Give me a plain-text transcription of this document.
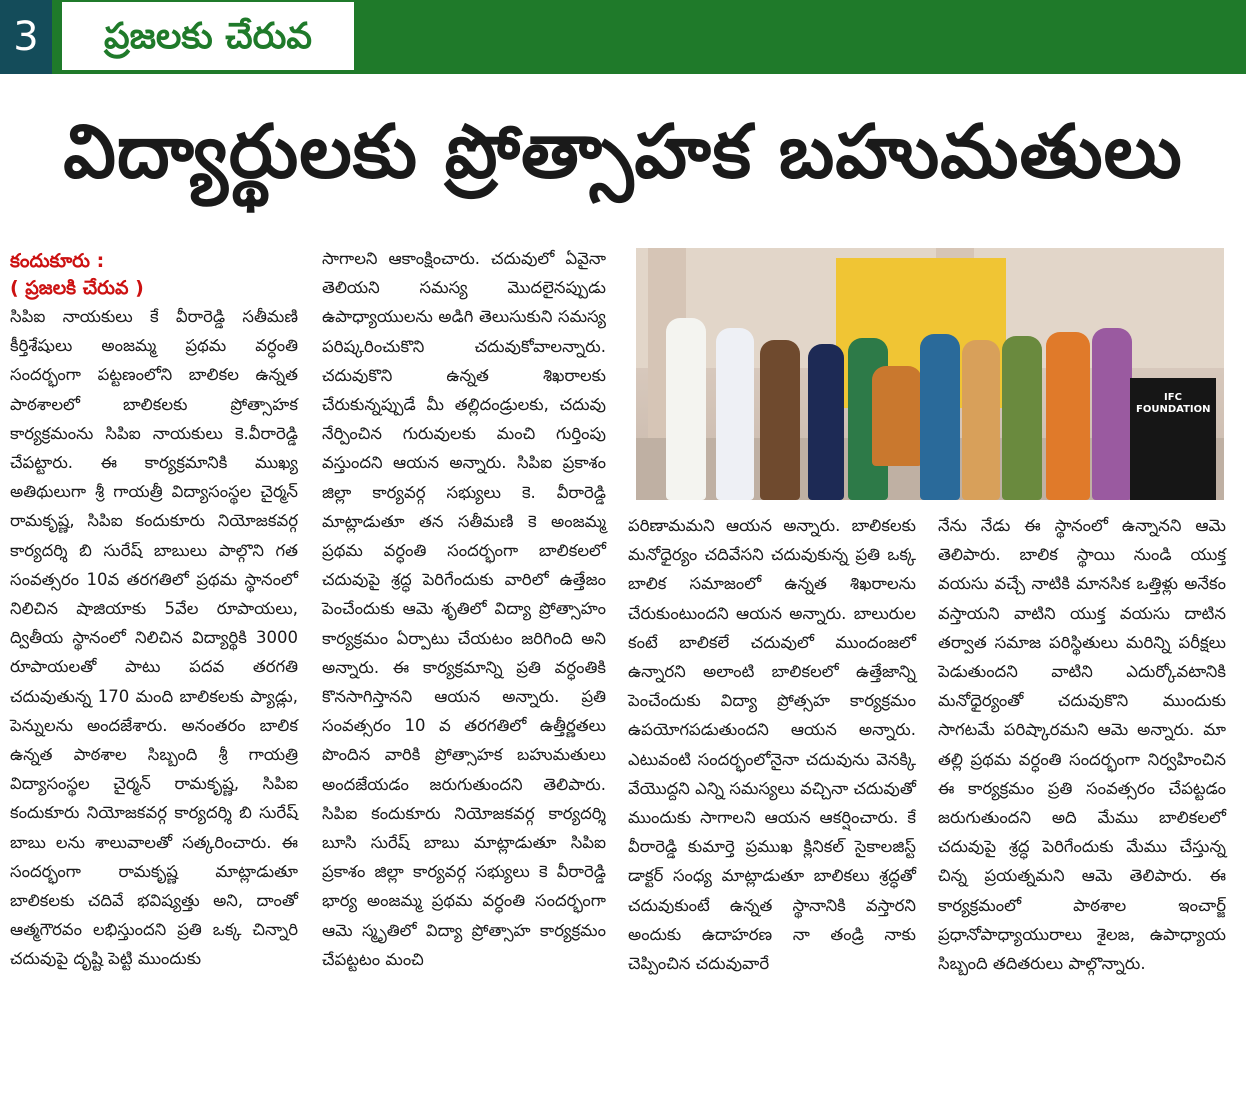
3	ప్రజలకు చేరువ
విద్యార్థులకు ప్రోత్సాహక బహుమతులు
కందుకూరు :
( ప్రజలకి చేరువ )

సిపిఐ నాయకులు కే వీరారెడ్డి సతీమణి కీర్తిశేషులు అంజమ్మ ప్రథమ వర్ధంతి సందర్భంగా పట్టణంలోని బాలికల ఉన్నత పాఠశాలలో బాలికలకు ప్రోత్సాహక కార్యక్రమంను సిపిఐ నాయకులు కె.వీరారెడ్డి చేపట్టారు. ఈ కార్యక్రమానికి ముఖ్య అతిథులుగా శ్రీ గాయత్రీ విద్యాసంస్థల చైర్మన్ రామకృష్ణ, సిపిఐ కందుకూరు నియోజకవర్గ కార్యదర్శి బి సురేష్ బాబులు పాల్గొని గత సంవత్సరం 10వ తరగతిలో ప్రథమ స్థానంలో నిలిచిన షాజియాకు 5వేల రూపాయలు, ద్వితీయ స్థానంలో నిలిచిన విద్యార్థికి 3000 రూపాయలతో పాటు పదవ తరగతి చదువుతున్న 170 మంది బాలికలకు ప్యాడ్లు, పెన్నులను అందజేశారు. అనంతరం బాలిక ఉన్నత పాఠశాల సిబ్బంది శ్రీ గాయత్రి విద్యాసంస్థల చైర్మన్ రామకృష్ణ, సిపిఐ కందుకూరు నియోజకవర్గ కార్యదర్శి బి సురేష్ బాబు లను శాలువాలతో సత్కరించారు. ఈ సందర్భంగా రామకృష్ణ మాట్లాడుతూ బాలికలకు చదివే భవిష్యత్తు అని, దాంతో ఆత్మగౌరవం లభిస్తుందని ప్రతి ఒక్క చిన్నారి చదువుపై దృష్టి పెట్టి ముందుకు

సాగాలని ఆకాంక్షించారు. చదువులో ఏవైనా తెలియని సమస్య మొదలైనప్పుడు ఉపాధ్యాయులను అడిగి తెలుసుకుని సమస్య పరిష్కరించుకొని చదువుకోవాలన్నారు. చదువుకొని ఉన్నత శిఖరాలకు చేరుకున్నప్పుడే మీ తల్లిదండ్రులకు, చదువు నేర్పించిన గురువులకు మంచి గుర్తింపు వస్తుందని ఆయన అన్నారు. సిపిఐ ప్రకాశం జిల్లా కార్యవర్గ సభ్యులు కె. వీరారెడ్డి మాట్లాడుతూ తన సతీమణి కె అంజమ్మ ప్రథమ వర్ధంతి సందర్భంగా బాలికలలో చదువుపై శ్రద్ధ పెరిగేందుకు వారిలో ఉత్తేజం పెంచేందుకు ఆమె శృతిలో విద్యా ప్రోత్సాహం కార్యక్రమం ఏర్పాటు చేయటం జరిగింది అని అన్నారు. ఈ కార్యక్రమాన్ని ప్రతి వర్ధంతికి కొనసాగిస్తానని ఆయన అన్నారు. ప్రతి సంవత్సరం 10 వ తరగతిలో ఉత్తీర్ణతలు పొందిన వారికి ప్రోత్సాహక బహుమతులు అందజేయడం జరుగుతుందని తెలిపారు. సిపిఐ కందుకూరు నియోజకవర్గ కార్యదర్శి బూసి సురేష్ బాబు మాట్లాడుతూ సిపిఐ ప్రకాశం జిల్లా కార్యవర్గ సభ్యులు కె వీరారెడ్డి భార్య అంజమ్మ ప్రథమ వర్ధంతి సందర్భంగా ఆమె స్మృతిలో విద్యా ప్రోత్సాహ కార్యక్రమం చేపట్టటం మంచి

IFC FOUNDATION

పరిణామమని ఆయన అన్నారు. బాలికలకు మనోధైర్యం చదివేసని చదువుకున్న ప్రతి ఒక్క బాలిక సమాజంలో ఉన్నత శిఖరాలను చేరుకుంటుందని ఆయన అన్నారు. బాలురుల కంటే బాలికలే చదువులో ముందంజలో ఉన్నారని అలాంటి బాలికలలో ఉత్తేజాన్ని పెంచేందుకు విద్యా ప్రోత్సహ కార్యక్రమం ఉపయోగపడుతుందని ఆయన అన్నారు. ఎటువంటి సందర్భంలోనైనా చదువును వెనక్కి వేయొద్దని ఎన్ని సమస్యలు వచ్చినా చదువుతో ముందుకు సాగాలని ఆయన ఆకర్షించారు. కే వీరారెడ్డి కుమార్తె ప్రముఖ క్లినికల్ సైకాలజిస్ట్ డాక్టర్ సంధ్య మాట్లాడుతూ బాలికలు శ్రద్ధతో చదువుకుంటే ఉన్నత స్థానానికి వస్తారని అందుకు ఉదాహరణ నా తండ్రి నాకు చెప్పించిన చదువువారే

నేను నేడు ఈ స్థానంలో ఉన్నానని ఆమె తెలిపారు. బాలిక స్థాయి నుండి యుక్త వయసు వచ్చే నాటికి మానసిక ఒత్తిళ్లు అనేకం వస్తాయని వాటిని యుక్త వయసు దాటిన తర్వాత సమాజ పరిస్థితులు మరిన్ని పరీక్షలు పెడుతుందని వాటిని ఎదుర్కోవటానికి మనోధైర్యంతో చదువుకొని ముందుకు సాగటమే పరిష్కారమని ఆమె అన్నారు. మా తల్లి ప్రథమ వర్ధంతి సందర్భంగా నిర్వహించిన ఈ కార్యక్రమం ప్రతి సంవత్సరం చేపట్టడం జరుగుతుందని అది మేము బాలికలలో చదువుపై శ్రద్ధ పెరిగేందుకు మేము చేస్తున్న చిన్న ప్రయత్నమని ఆమె తెలిపారు. ఈ కార్యక్రమంలో పాఠశాల ఇంచార్జ్ ప్రధానోపాధ్యాయురాలు శైలజ, ఉపాధ్యాయ సిబ్బంది తదితరులు పాల్గొన్నారు.
